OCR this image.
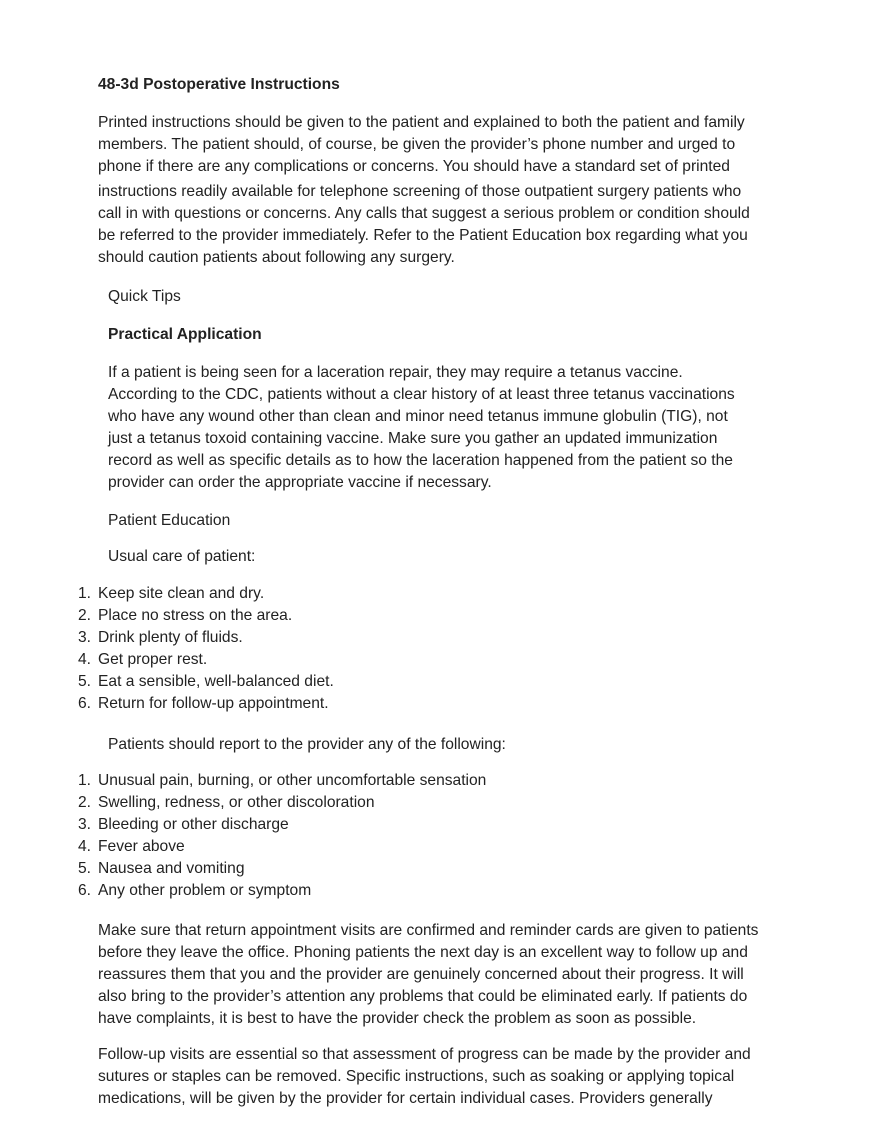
48-3d Postoperative Instructions

Printed instructions should be given to the patient and explained to both the patient and family
members. The patient should, of course, be given the provider’s phone number and urged to
phone if there are any complications or concerns. You should have a standard set of printed
instructions readily available for telephone screening of those outpatient surgery patients who
call in with questions or concerns. Any calls that suggest a serious problem or condition should
be referred to the provider immediately. Refer to the Patient Education box regarding what you
should caution patients about following any surgery.

Quick Tips

Practical Application

If a patient is being seen for a laceration repair, they may require a tetanus vaccine.
According to the CDC, patients without a clear history of at least three tetanus vaccinations
who have any wound other than clean and minor need tetanus immune globulin (TIG), not
just a tetanus toxoid containing vaccine. Make sure you gather an updated immunization
record as well as specific details as to how the laceration happened from the patient so the
provider can order the appropriate vaccine if necessary.

Patient Education

Usual care of patient:

1. Keep site clean and dry.
2. Place no stress on the area.
3. Drink plenty of fluids.
4. Get proper rest.
5. Eat a sensible, well-balanced diet.
6. Return for follow-up appointment.

Patients should report to the provider any of the following:

1. Unusual pain, burning, or other uncomfortable sensation
2. Swelling, redness, or other discoloration
3. Bleeding or other discharge
4. Fever above
5. Nausea and vomiting
6. Any other problem or symptom

Make sure that return appointment visits are confirmed and reminder cards are given to patients
before they leave the office. Phoning patients the next day is an excellent way to follow up and
reassures them that you and the provider are genuinely concerned about their progress. It will
also bring to the provider’s attention any problems that could be eliminated early. If patients do
have complaints, it is best to have the provider check the problem as soon as possible.

Follow-up visits are essential so that assessment of progress can be made by the provider and
sutures or staples can be removed. Specific instructions, such as soaking or applying topical
medications, will be given by the provider for certain individual cases. Providers generally
